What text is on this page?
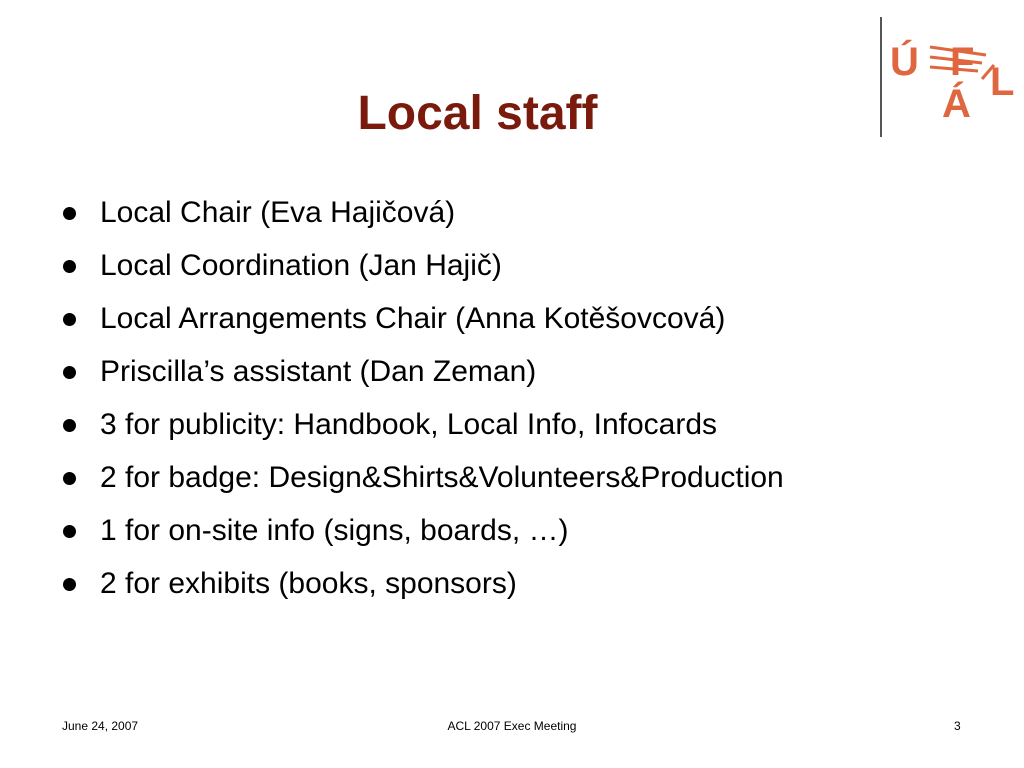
Ú F
Á L
Local staff
Local Chair (Eva Hajičová)
Local Coordination (Jan Hajič)
Local Arrangements Chair (Anna Kotěšovcová)
Priscilla’s assistant (Dan Zeman)
3 for publicity: Handbook, Local Info, Infocards
2 for badge: Design&Shirts&Volunteers&Production
1 for on-site info (signs, boards, …)
2 for exhibits (books, sponsors)
June 24, 2007	ACL 2007 Exec Meeting	3
